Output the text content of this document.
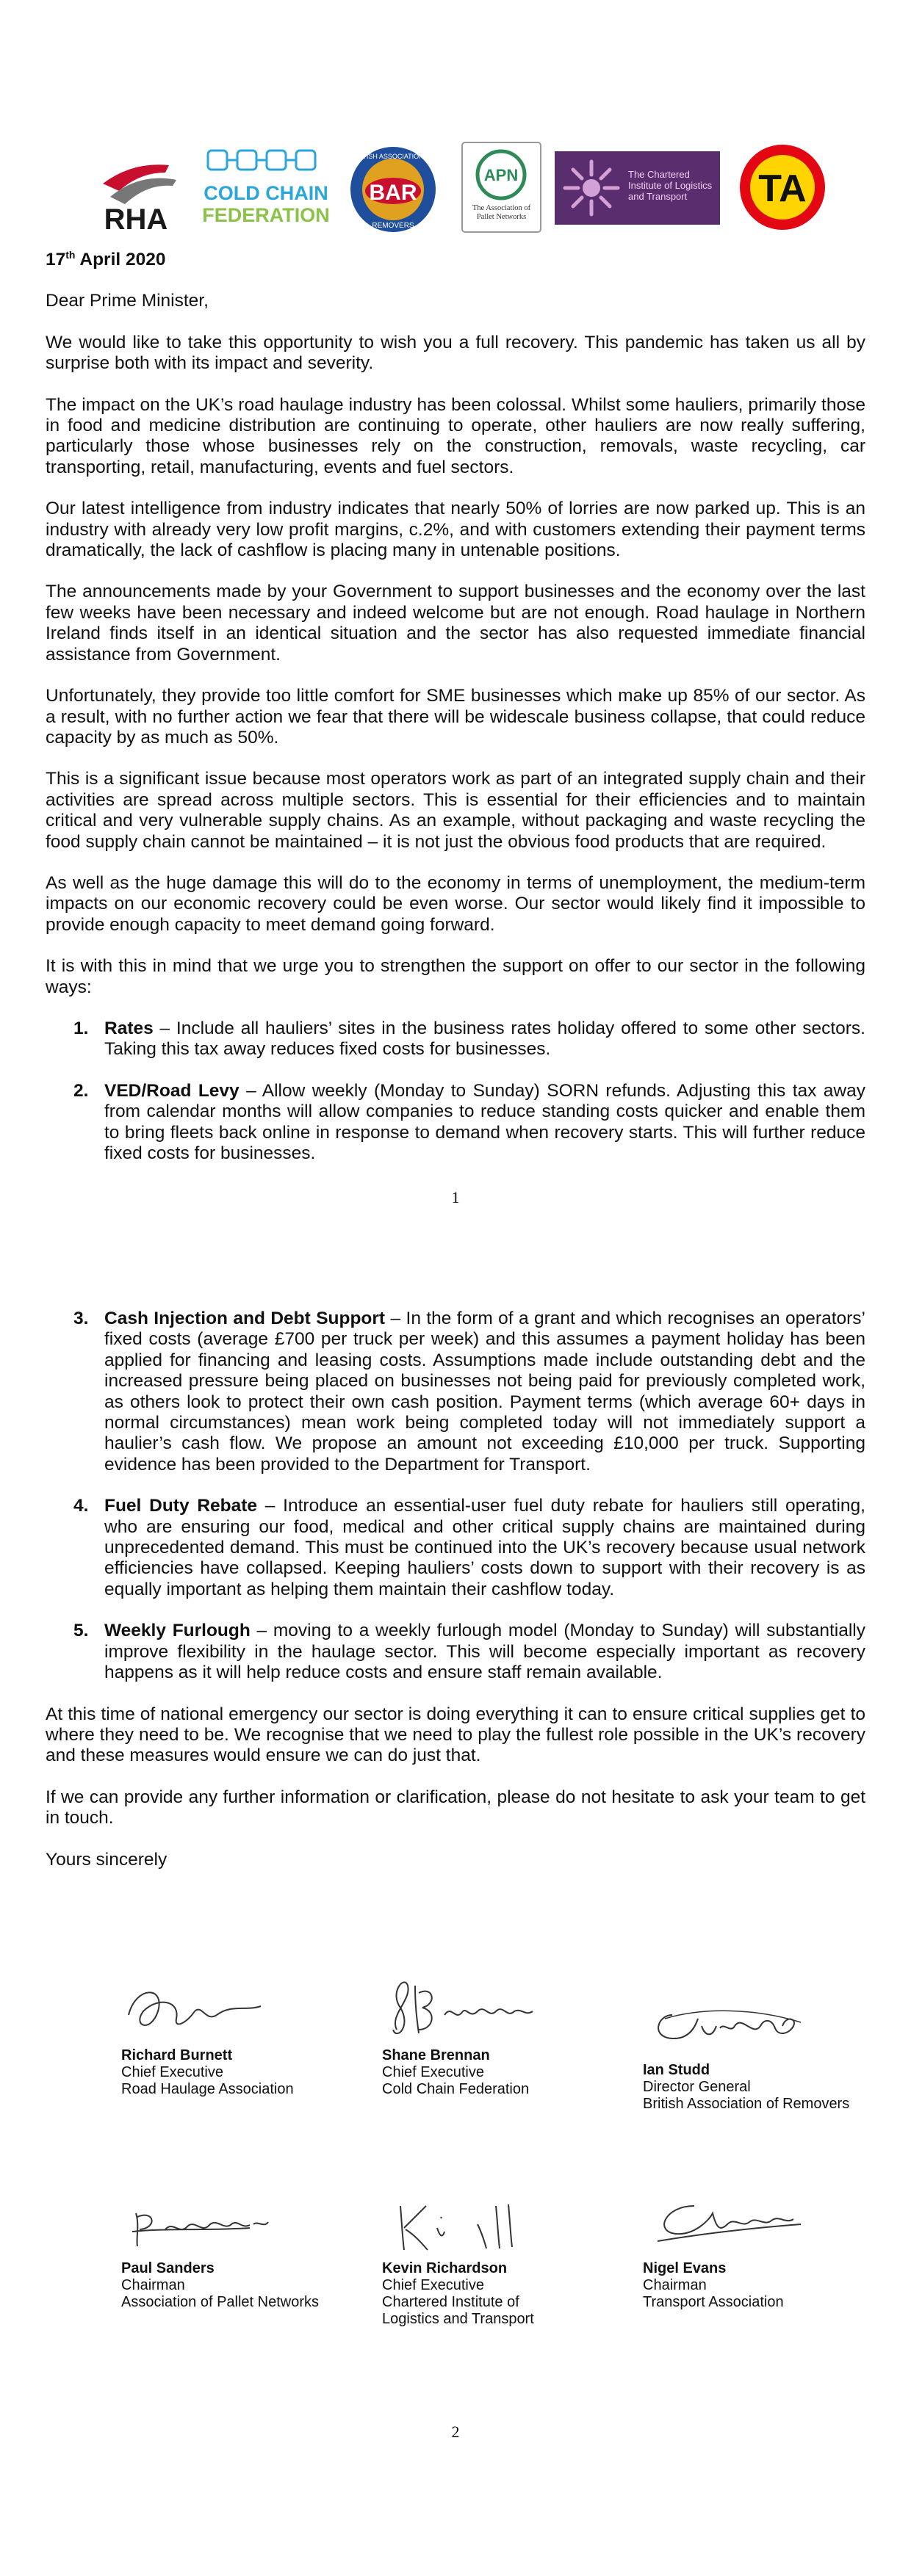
RHA
COLD CHAIN
FEDERATION
BAR
BRITISH ASSOCIATION OF
REMOVERS
APN
The Association of Pallet Networks
The Chartered Institute of Logistics and Transport	TA

17th April 2020

Dear Prime Minister,

We would like to take this opportunity to wish you a full recovery. This pandemic has taken us all by surprise both with its impact and severity.

The impact on the UK’s road haulage industry has been colossal. Whilst some hauliers, primarily those in food and medicine distribution are continuing to operate, other hauliers are now really suffering, particularly those whose businesses rely on the construction, removals, waste recycling, car transporting, retail, manufacturing, events and fuel sectors.

Our latest intelligence from industry indicates that nearly 50% of lorries are now parked up. This is an industry with already very low profit margins, c.2%, and with customers extending their payment terms dramatically, the lack of cashflow is placing many in untenable positions.

The announcements made by your Government to support businesses and the economy over the last few weeks have been necessary and indeed welcome but are not enough. Road haulage in Northern Ireland finds itself in an identical situation and the sector has also requested immediate financial assistance from Government.

Unfortunately, they provide too little comfort for SME businesses which make up 85% of our sector. As a result, with no further action we fear that there will be widescale business collapse, that could reduce capacity by as much as 50%.

This is a significant issue because most operators work as part of an integrated supply chain and their activities are spread across multiple sectors. This is essential for their efficiencies and to maintain critical and very vulnerable supply chains. As an example, without packaging and waste recycling the food supply chain cannot be maintained – it is not just the obvious food products that are required.

As well as the huge damage this will do to the economy in terms of unemployment, the medium-term impacts on our economic recovery could be even worse. Our sector would likely find it impossible to provide enough capacity to meet demand going forward.

It is with this in mind that we urge you to strengthen the support on offer to our sector in the following ways:

1. Rates – Include all hauliers’ sites in the business rates holiday offered to some other sectors. Taking this tax away reduces fixed costs for businesses.
2. VED/Road Levy – Allow weekly (Monday to Sunday) SORN refunds. Adjusting this tax away from calendar months will allow companies to reduce standing costs quicker and enable them to bring fleets back online in response to demand when recovery starts. This will further reduce fixed costs for businesses.
1
3. Cash Injection and Debt Support – In the form of a grant and which recognises an operators’ fixed costs (average £700 per truck per week) and this assumes a payment holiday has been applied for financing and leasing costs. Assumptions made include outstanding debt and the increased pressure being placed on businesses not being paid for previously completed work, as others look to protect their own cash position. Payment terms (which average 60+ days in normal circumstances) mean work being completed today will not immediately support a haulier’s cash flow. We propose an amount not exceeding £10,000 per truck. Supporting evidence has been provided to the Department for Transport.
4. Fuel Duty Rebate – Introduce an essential-user fuel duty rebate for hauliers still operating, who are ensuring our food, medical and other critical supply chains are maintained during unprecedented demand. This must be continued into the UK’s recovery because usual network efficiencies have collapsed. Keeping hauliers’ costs down to support with their recovery is as equally important as helping them maintain their cashflow today.
5. Weekly Furlough – moving to a weekly furlough model (Monday to Sunday) will substantially improve flexibility in the haulage sector. This will become especially important as recovery happens as it will help reduce costs and ensure staff remain available.

At this time of national emergency our sector is doing everything it can to ensure critical supplies get to where they need to be. We recognise that we need to play the fullest role possible in the UK’s recovery and these measures would ensure we can do just that.

If we can provide any further information or clarification, please do not hesitate to ask your team to get in touch.

Yours sincerely

Richard Burnett
Chief Executive
Road Haulage Association
Shane Brennan
Chief Executive
Cold Chain Federation
Ian Studd
Director General
British Association of Removers
Paul Sanders
Chairman
Association of Pallet Networks
Kevin Richardson
Chief Executive
Chartered Institute of
Logistics and Transport
Nigel Evans
Chairman
Transport Association
2
